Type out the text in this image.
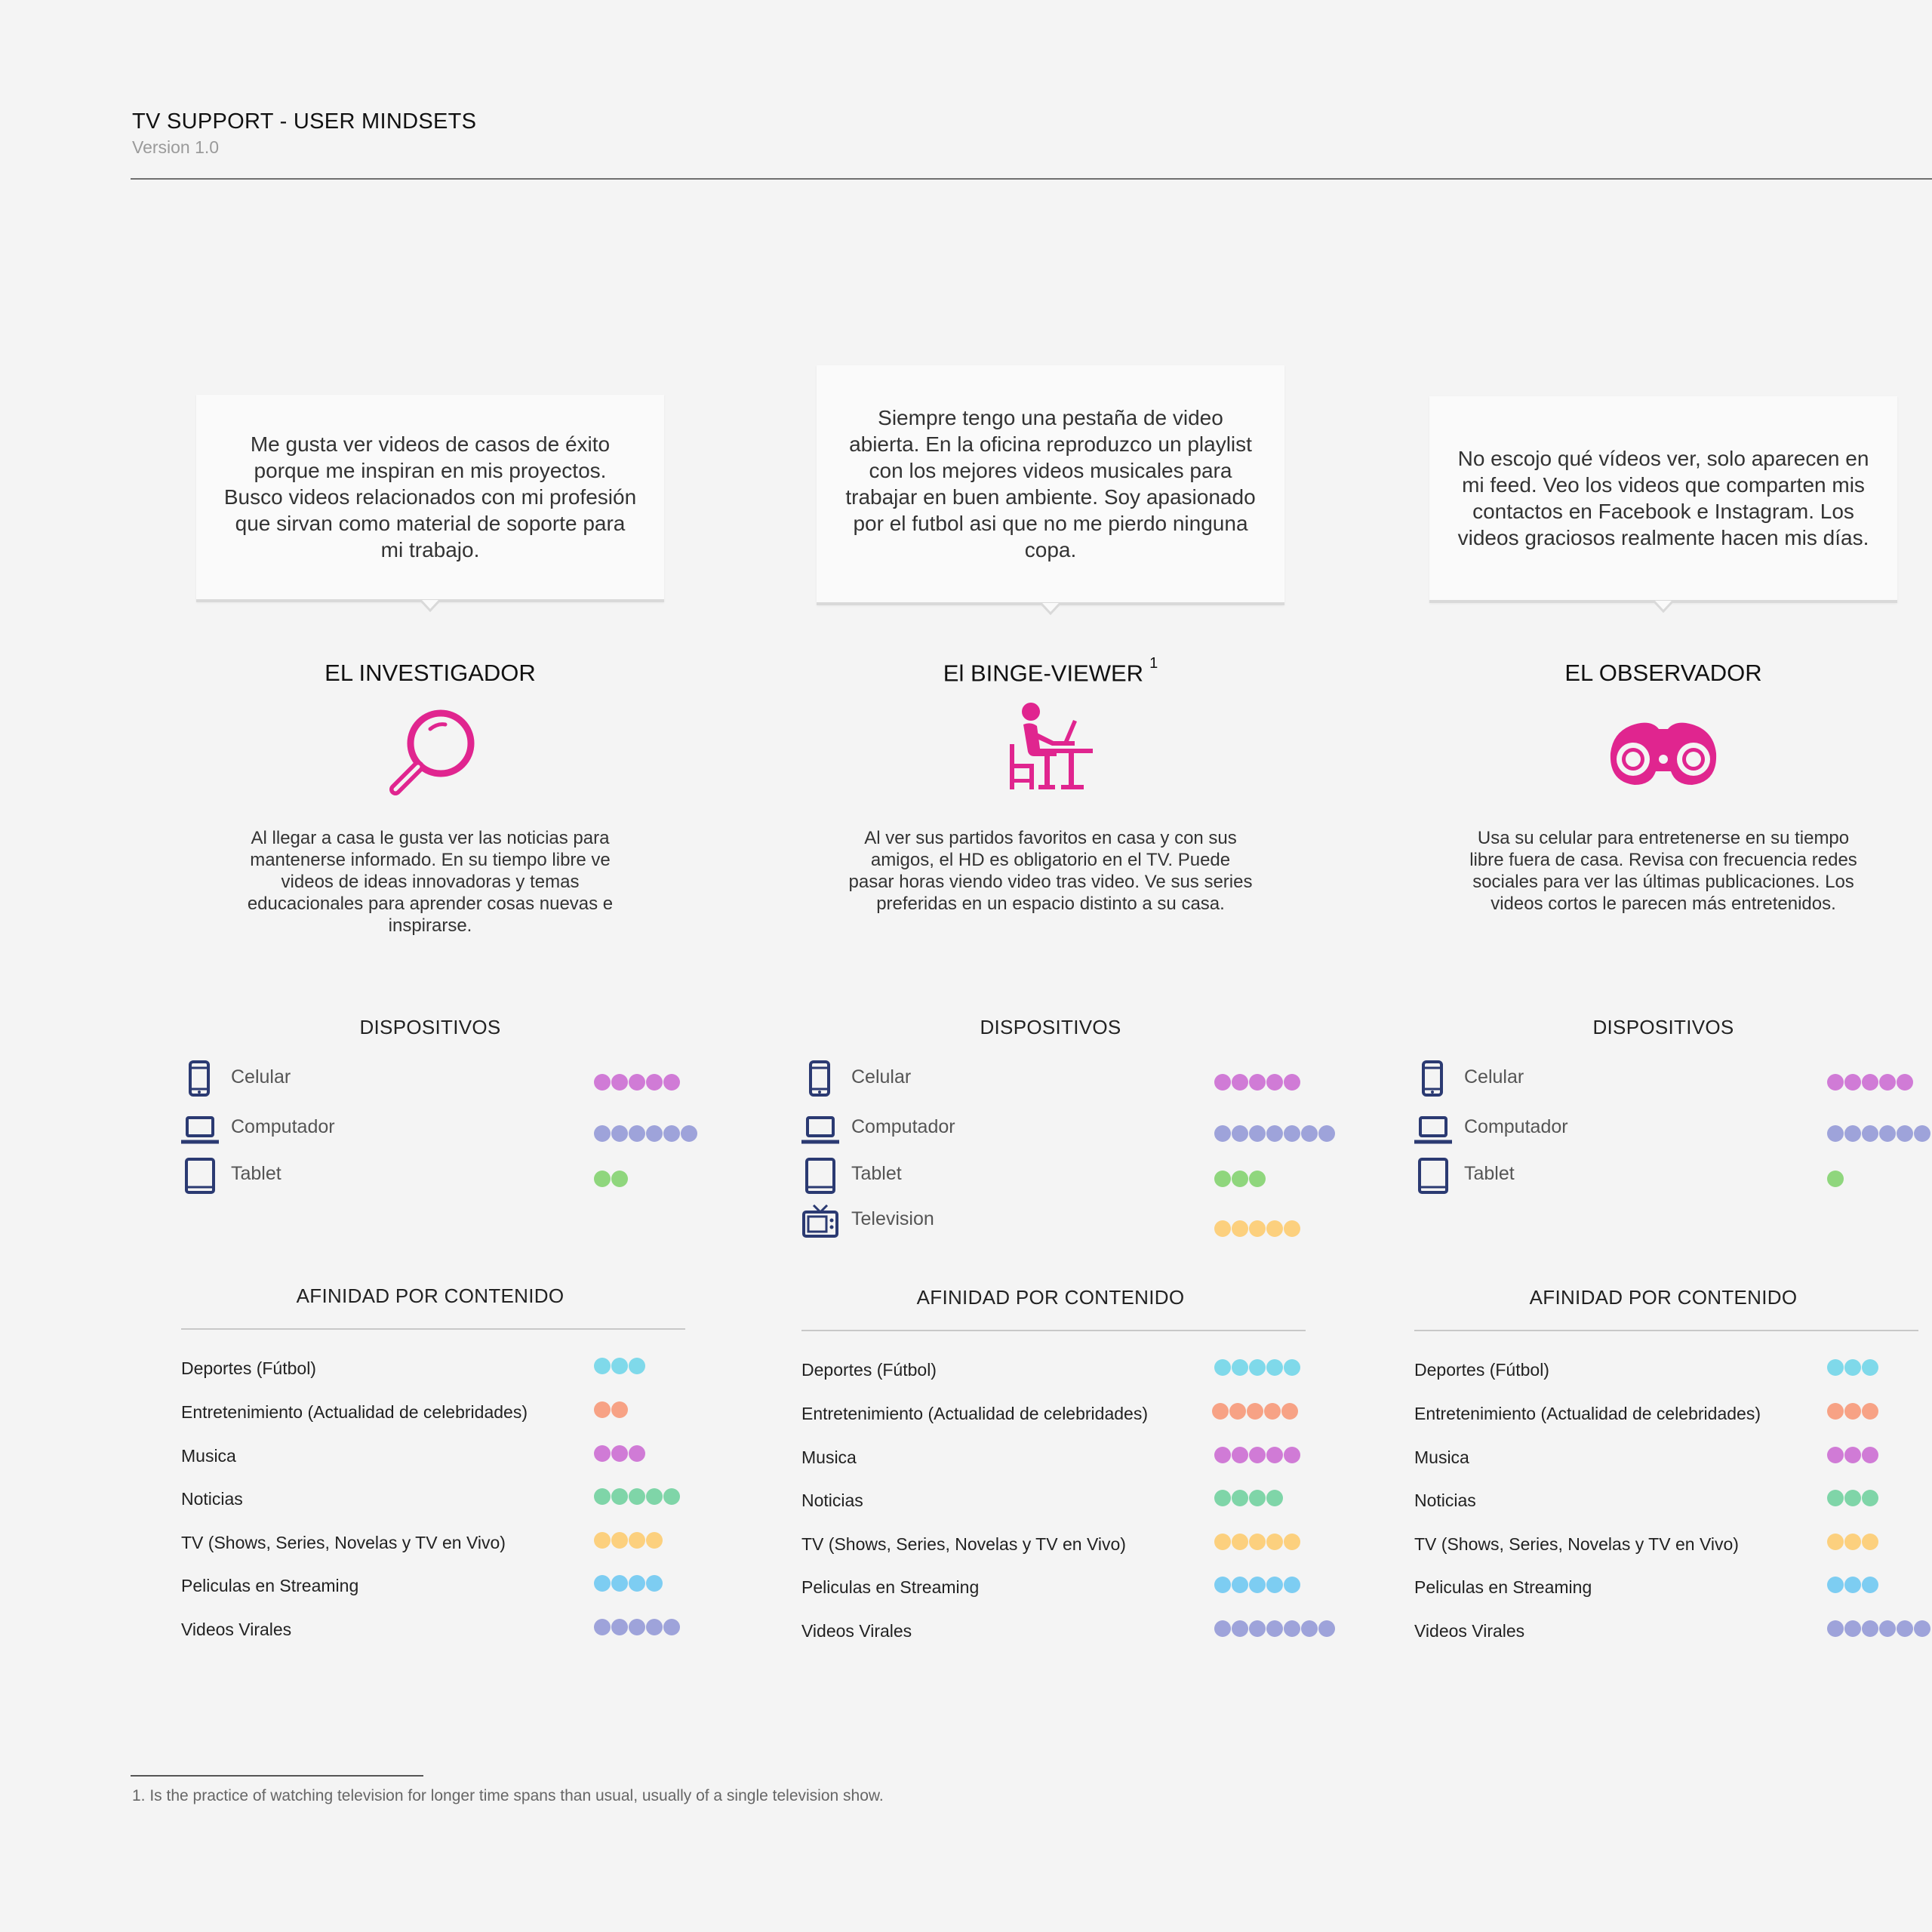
TV SUPPORT - USER MINDSETS
Version 1.0
Me gusta ver videos de casos de éxito porque me inspiran en mis proyectos. Busco videos relacionados con mi profesión que sirvan como material de soporte para mi trabajo.
EL INVESTIGADOR
Al llegar a casa le gusta ver las noticias para mantenerse informado. En su tiempo libre ve videos de ideas innovadoras y temas educacionales para aprender cosas nuevas e inspirarse.
DISPOSITIVOS
Celular
Computador
Tablet
AFINIDAD POR CONTENIDO
Deportes (Fútbol)
Entretenimiento (Actualidad de celebridades)
Musica
Noticias
TV (Shows, Series, Novelas y TV en Vivo)
Peliculas en Streaming
Videos Virales
Siempre tengo una pestaña de video abierta. En la oficina reproduzco un playlist con los mejores videos musicales para trabajar en buen ambiente. Soy apasionado por el futbol asi que no me pierdo ninguna copa.
El BINGE-VIEWER $^1$
Al ver sus partidos favoritos en casa y con sus amigos, el HD es obligatorio en el TV. Puede pasar horas viendo video tras video. Ve sus series preferidas en un espacio distinto a su casa.
DISPOSITIVOS
Celular
Computador
Tablet
Television
AFINIDAD POR CONTENIDO
Deportes (Fútbol)
Entretenimiento (Actualidad de celebridades)
Musica
Noticias
TV (Shows, Series, Novelas y TV en Vivo)
Peliculas en Streaming
Videos Virales
No escojo qué vídeos ver, solo aparecen en mi feed. Veo los videos que comparten mis contactos en Facebook e Instagram. Los videos graciosos realmente hacen mis días.
EL OBSERVADOR
Usa su celular para entretenerse en su tiempo libre fuera de casa. Revisa con frecuencia redes sociales para ver las últimas publicaciones. Los videos cortos le parecen más entretenidos.
DISPOSITIVOS
Celular
Computador
Tablet
AFINIDAD POR CONTENIDO
Deportes (Fútbol)
Entretenimiento (Actualidad de celebridades)
Musica
Noticias
TV (Shows, Series, Novelas y TV en Vivo)
Peliculas en Streaming
Videos Virales
1. Is the practice of watching television for longer time spans than usual, usually of a single television show.
